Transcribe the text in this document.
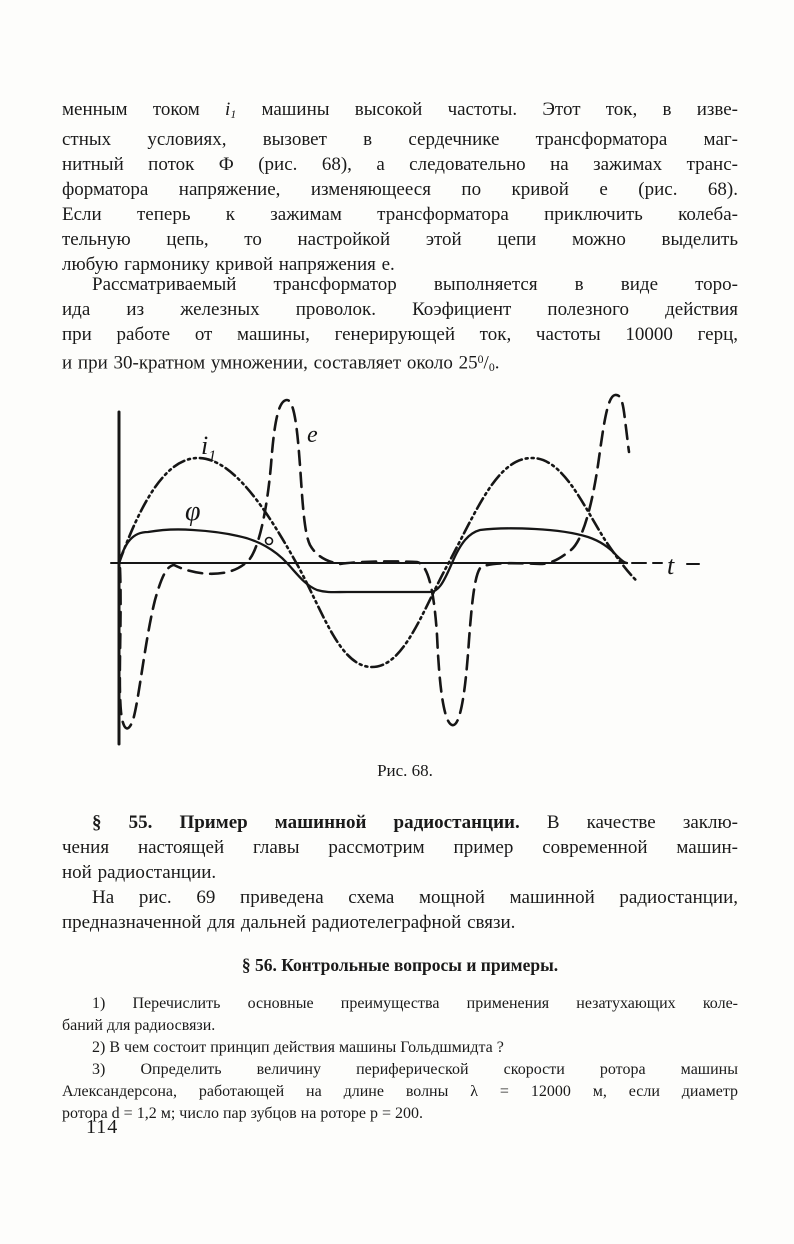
менным током $i_1$ машины высокой частоты. Этот ток, в изве-
стных условиях, вызовет в сердечнике трансформатора маг-
нитный поток Ф (рис. 68), а следовательно на зажимах транс-
форматора напряжение, изменяющееся по кривой e (рис. 68).
Если теперь к зажимам трансформатора приключить колеба-
тельную цепь, то настройкой этой цепи можно выделить
любую гармонику кривой напряжения e.
Рассматриваемый трансформатор выполняется в виде торо-
ида из железных проволок. Коэфициент полезного действия
при работе от машины, генерирующей ток, частоты 10000 герц,
и при 30-кратном умножении, составляет около $25^0/_0$.
$i_1$
φ
e
t
Рис. 68.
§ 55. Пример машинной радиостанции. В качестве заклю-
чения настоящей главы рассмотрим пример современной машин-
ной радиостанции.
На рис. 69 приведена схема мощной машинной радиостанции,
предназначенной для дальней радиотелеграфной связи.
§ 56. Контрольные вопросы и примеры.
1) Перечислить основные преимущества применения незатухающих коле-
баний для радиосвязи.
2) В чем состоит принцип действия машины Гольдшмидта ?
3) Определить величину периферической скорости ротора машины
Александерсона, работающей на длине волны λ = 12000 м, если диаметр
ротора d = 1,2 м; число пар зубцов на роторе p = 200.
114
